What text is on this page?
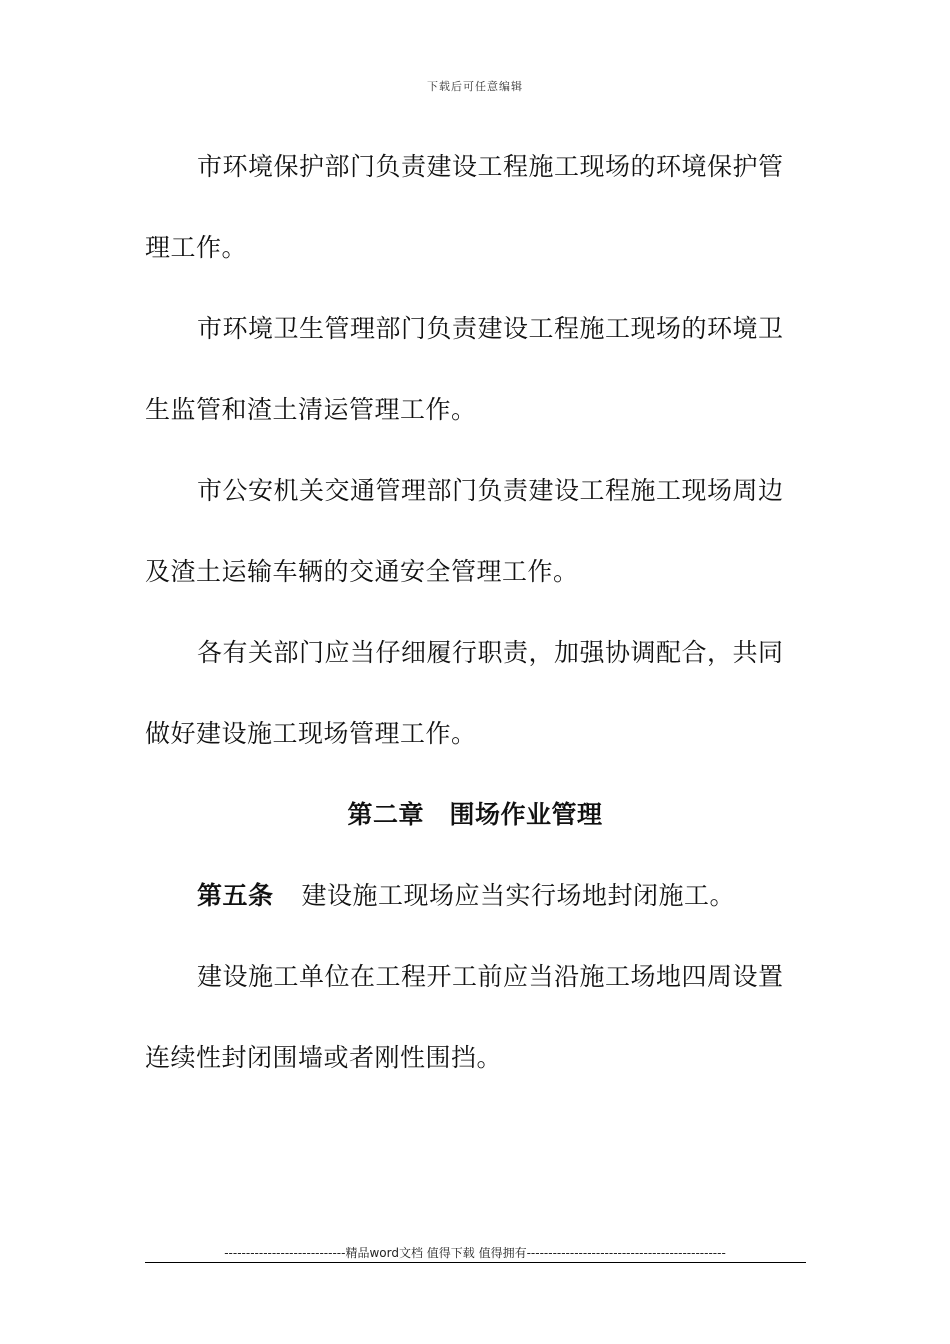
下载后可任意编辑

市环境保护部门负责建设工程施工现场的环境保护管理工作。

市环境卫生管理部门负责建设工程施工现场的环境卫生监管和渣土清运管理工作。

市公安机关交通管理部门负责建设工程施工现场周边及渣土运输车辆的交通安全管理工作。

各有关部门应当仔细履行职责，加强协调配合，共同做好建设施工现场管理工作。

第二章　围场作业管理

第五条 建设施工现场应当实行场地封闭施工。

建设施工单位在工程开工前应当沿施工场地四周设置连续性封闭围墙或者刚性围挡。

----------------------------精品word文档 值得下载 值得拥有----------------------------------------------
